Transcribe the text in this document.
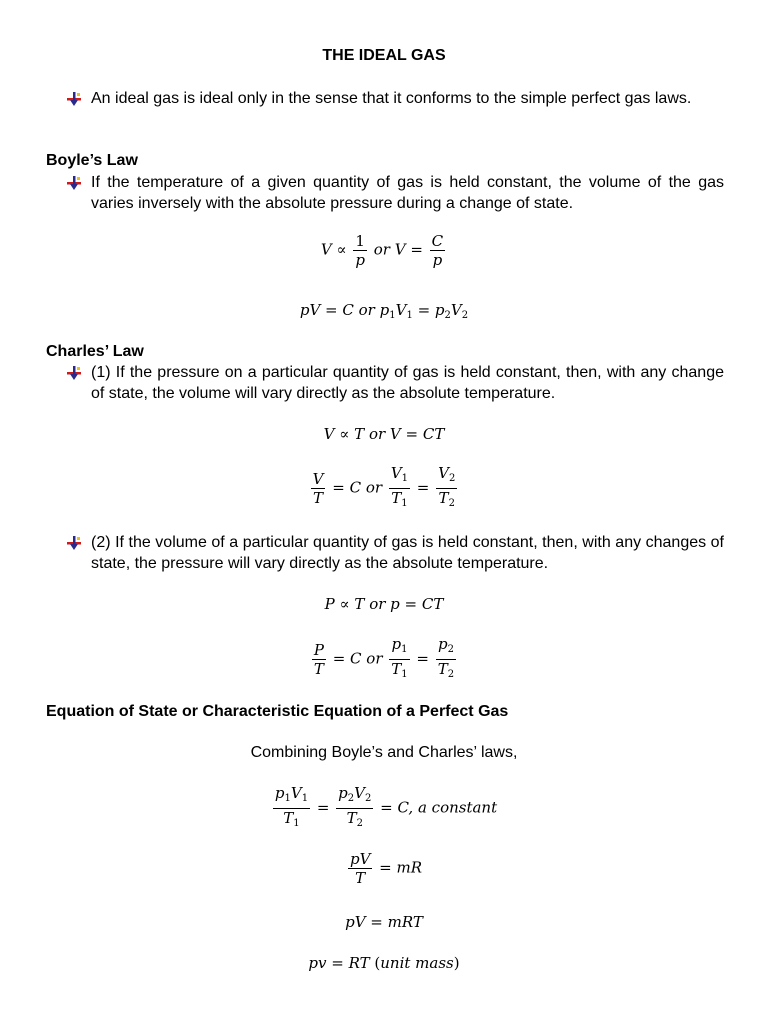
THE IDEAL GAS
An ideal gas is ideal only in the sense that it conforms to the simple perfect gas laws.
Boyle’s Law
If the temperature of a given quantity of gas is held constant, the volume of the gas varies inversely with the absolute pressure during a change of state.
$V \propto \frac{1}{p}$ or $V = \frac{C}{p}$
pV = C or $p_1V_1 = p_2V_2$
Charles’ Law
(1) If the pressure on a particular quantity of gas is held constant, then, with any change of state, the volume will vary directly as the absolute temperature.
V ∝ T or V = CT
$\frac{V}{T} = C$ or $\frac{V_1}{T_1} = \frac{V_2}{T_2}$
(2) If the volume of a particular quantity of gas is held constant, then, with any changes of state, the pressure will vary directly as the absolute temperature.
P ∝ T or p = CT
$\frac{P}{T} = C$ or $\frac{p_1}{T_1} = \frac{p_2}{T_2}$
Equation of State or Characteristic Equation of a Perfect Gas
Combining Boyle’s and Charles’ laws,
$\frac{p_1V_1}{T_1} = \frac{p_2V_2}{T_2} = C$, a constant
$\frac{pV}{T}$ = mR
pV = mRT
pv = RT (unit mass)
